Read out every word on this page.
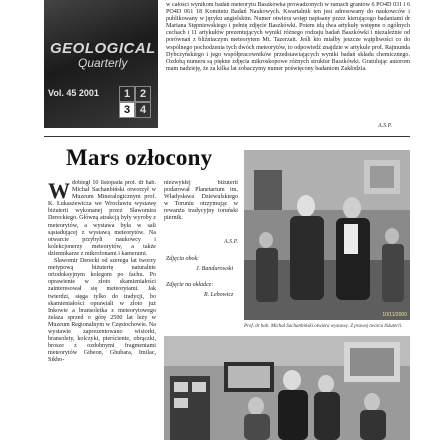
GEOLOGICAL
Quarterly
Vol. 45 2001	1 2
3 4

w całości wynikom badań meteorytu Baszkówka prowadzonych w ramach grantów 6 PO4D 031 i 6 PO4D 061 18 Komitetu Badań Naukowych. Kwartalnik ten jest adresowany do naukowców i publikowany w języku angielskim. Numer otwiera wstęp napisany przez kierującego badaniami dr Mariana Stępniewskiego i pełnię zdjęcie Baszkówki. Potem idą dwa artykuły wstępne o ogólnych cechach i 11 artykułów prezentujących wyniki różnego rodzaju badań Baszkówki i niezależnie od porównań z bliźniaczym meteorytem Mt. Tazerzait. Jeśli kto miałby jeszcze wątpliwości co do wspólnego pochodzenia tych dwóch meteorytów, to odpowiedź znajdzie w artykule prof. Rajmunda Dybczyńskiego i jego współpracowników przedstawiających wyniki badań składu chemicznego. Ozdobą numeru są piękne zdjęcia mikroskopowe różnych struktur Baszkówki. Gratulując autorom mam nadzieję, że za kilka lat zobaczymy numer poświęcony badaniom Zakłodzia.

A.S.P.
Mars ozłocony

Wdobiegł 10 listopada prof. dr hab. Michał Sachanbiński otworzył w Muzeum Mineralogicznym prof. K. Łukaszewicza we Wrocławiu wystawę biżuterii wykonanej przez Sławomira Dereckiego. Główną atrakcją były wyroby z meteorytów, a wystawa była w sali sąsiadującej z wystawą meteorytów. Na otwarcie przybyli naukowcy i kolekcjonerzy meteorytów, a także dziennikarze z mikrofonami i kamerami.

Sławomir Derecki od szeregu lat tworzy metypową biżuterię naturalnie ortodoksyjnym kolegom po fachu. Po oprawienie w złoto skamieniałości zainteresował się meteorytami. Jak twierdzi, sięga tylko do tradycji, bo skamieniałości oprawiali w złoto już Inkowie a bransoletka z meteorytowego żelaza sprzed o górę 2500 lat leży w Muzeum Regionalnym w Częstochowie. Na wystawie zaprezentowano wisiorki, bransolety, kolczyki, pierścienie, obrączki, brosze z ozdobnymi fragmentami meteorytów Gibeon, Ghubara, Imilac, Sikho-

niezwykłej biżuterii podarował Planetarium im. Władysława Dziewulskiego w Toruniu otrzymując w rewanżu tradycyjny toruński piernik.

A.S.P.
Zdjęcia obok:
J. Bandurowski
Zdjęcie na okładce:
R. Lebowicz
10/11/2000
Prof. dr hab. Michał Sachanbiński otwiera wystawę. Z prawej twórca biżuterii.
